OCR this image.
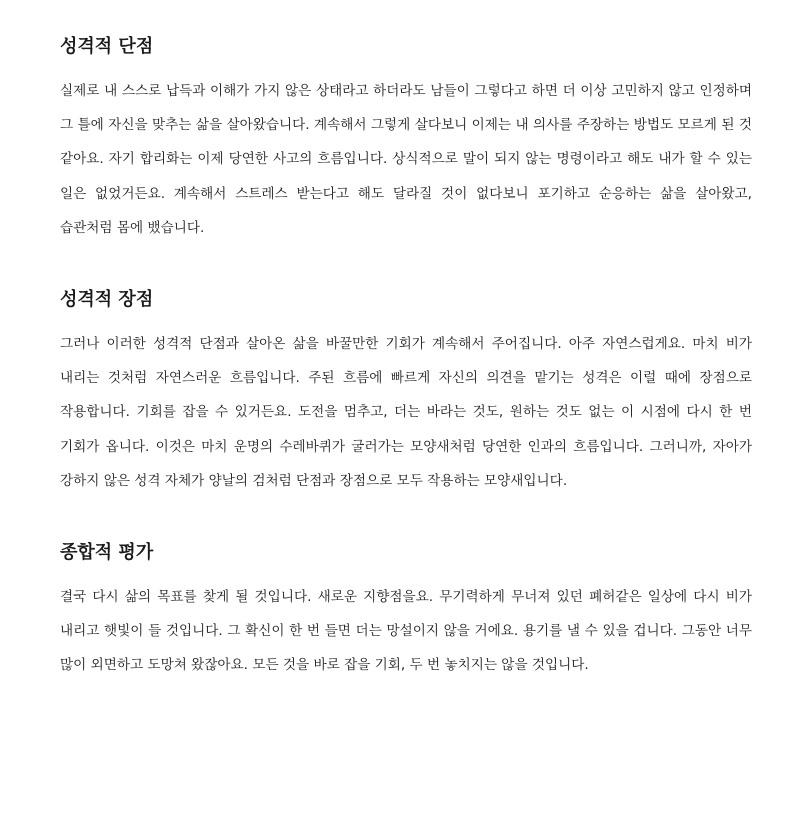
성격적 단점

실제로 내 스스로 납득과 이해가 가지 않은 상태라고 하더라도 남들이 그렇다고 하면 더 이상 고민하지 않고 인정하며 그 틀에 자신을 맞추는 삶을 살아왔습니다. 계속해서 그렇게 살다보니 이제는 내 의사를 주장하는 방법도 모르게 된 것 같아요. 자기 합리화는 이제 당연한 사고의 흐름입니다. 상식적으로 말이 되지 않는 명령이라고 해도 내가 할 수 있는 일은 없었거든요. 계속해서 스트레스 받는다고 해도 달라질 것이 없다보니 포기하고 순응하는 삶을 살아왔고, 습관처럼 몸에 뱄습니다.

성격적 장점

그러나 이러한 성격적 단점과 살아온 삶을 바꿀만한 기회가 계속해서 주어집니다. 아주 자연스럽게요. 마치 비가 내리는 것처럼 자연스러운 흐름입니다. 주된 흐름에 빠르게 자신의 의견을 맡기는 성격은 이럴 때에 장점으로 작용합니다. 기회를 잡을 수 있거든요. 도전을 멈추고, 더는 바라는 것도, 원하는 것도 없는 이 시점에 다시 한 번 기회가 옵니다. 이것은 마치 운명의 수레바퀴가 굴러가는 모양새처럼 당연한 인과의 흐름입니다. 그러니까, 자아가 강하지 않은 성격 자체가 양날의 검처럼 단점과 장점으로 모두 작용하는 모양새입니다.

종합적 평가

결국 다시 삶의 목표를 찾게 될 것입니다. 새로운 지향점을요. 무기력하게 무너져 있던 폐허같은 일상에 다시 비가 내리고 햇빛이 들 것입니다. 그 확신이 한 번 들면 더는 망설이지 않을 거에요. 용기를 낼 수 있을 겁니다. 그동안 너무 많이 외면하고 도망쳐 왔잖아요. 모든 것을 바로 잡을 기회, 두 번 놓치지는 않을 것입니다.
